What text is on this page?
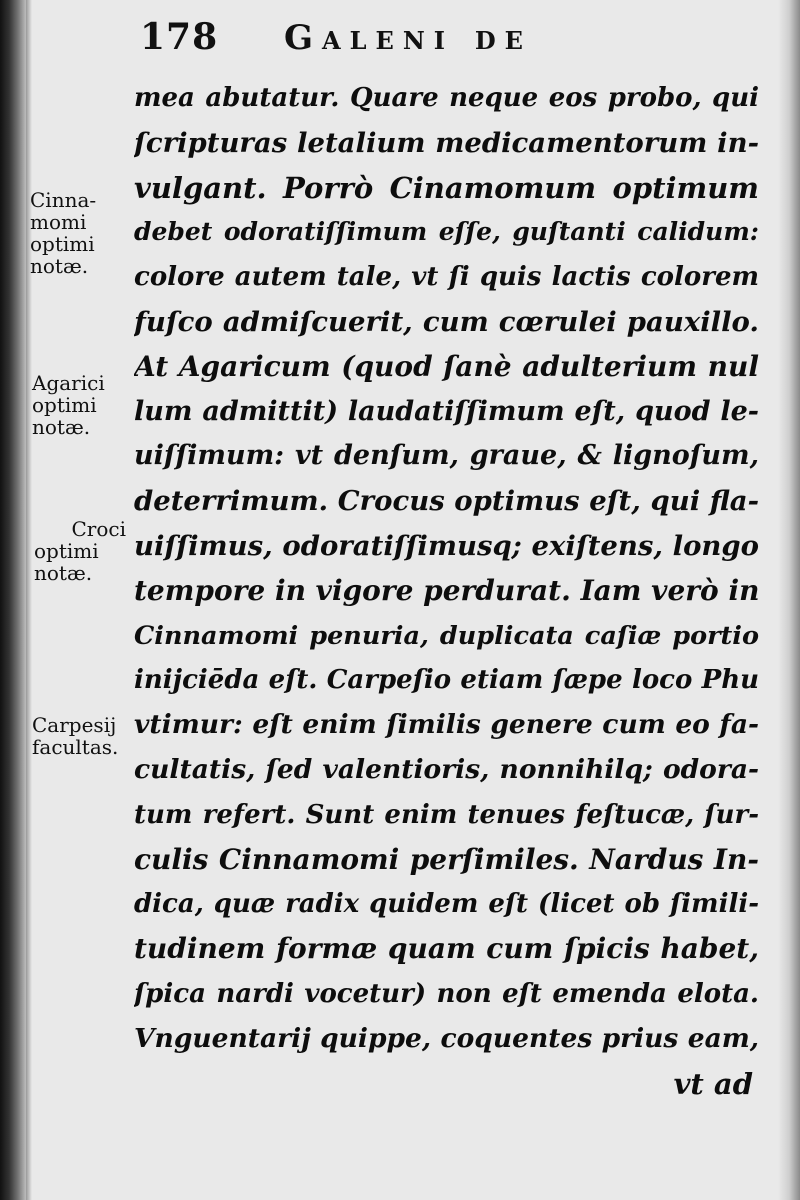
178 Galeni de
Cinna-
momi
optimi
notæ.
Agarici
optimi
notæ.
Croci
optimi
notæ.
Carpesij
facultas.
mea abutatur. Quare neque eos probo, qui
ſcripturas letalium medicamentorum in-
vulgant. Porrò Cinamomum optimum
debet odoratiſſimum eſſe, guſtanti calidum:
colore autem tale, vt ſi quis lactis colorem
fuſco admiſcuerit, cum cœrulei pauxillo.
At Agaricum (quod ſanè adulterium nul
lum admittit) laudatiſſimum eſt, quod le-
uiſſimum: vt denſum, graue, & lignoſum,
deterrimum. Crocus optimus eſt, qui fla-
uiſſimus, odoratiſſimusq; exiſtens, longo
tempore in vigore perdurat. Iam verò in
Cinnamomi penuria, duplicata caſiæ portio
inijciēda eſt. Carpeſio etiam ſæpe loco Phu
vtimur: eſt enim ſimilis genere cum eo fa-
cultatis, ſed valentioris, nonnihilq; odora-
tum refert. Sunt enim tenues feſtucæ, ſur-
culis Cinnamomi perſimiles. Nardus In-
dica, quæ radix quidem eſt (licet ob ſimili-
tudinem formæ quam cum ſpicis habet,
ſpica nardi vocetur) non eſt emenda elota.
Vnguentarij quippe, coquentes prius eam,
vt ad
